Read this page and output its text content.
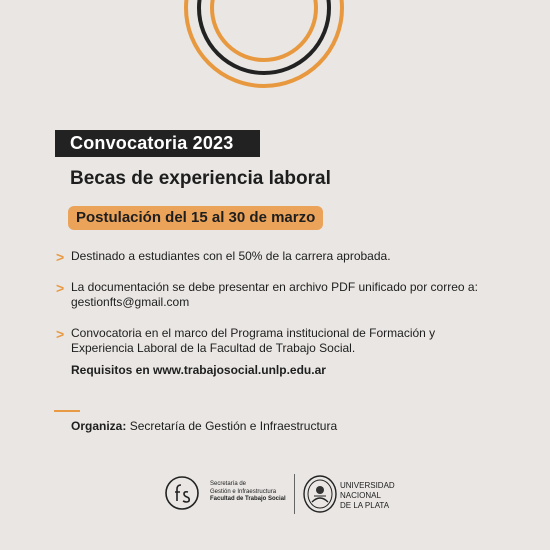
Convocatoria 2023
Becas de experiencia laboral
Postulación del 15 al 30 de marzo
> Destinado a estudiantes con el 50% de la carrera aprobada.
> La documentación se debe presentar en archivo PDF unificado por correo a:
gestionfts@gmail.com
> Convocatoria en el marco del Programa institucional de Formación y
Experiencia Laboral de la Facultad de Trabajo Social.
Requisitos en www.trabajosocial.unlp.edu.ar
Organiza: Secretaría de Gestión e Infraestructura
Secretaría de
Gestión e Infraestructura
Facultad de Trabajo Social
UNIVERSIDAD
NACIONAL
DE LA PLATA
